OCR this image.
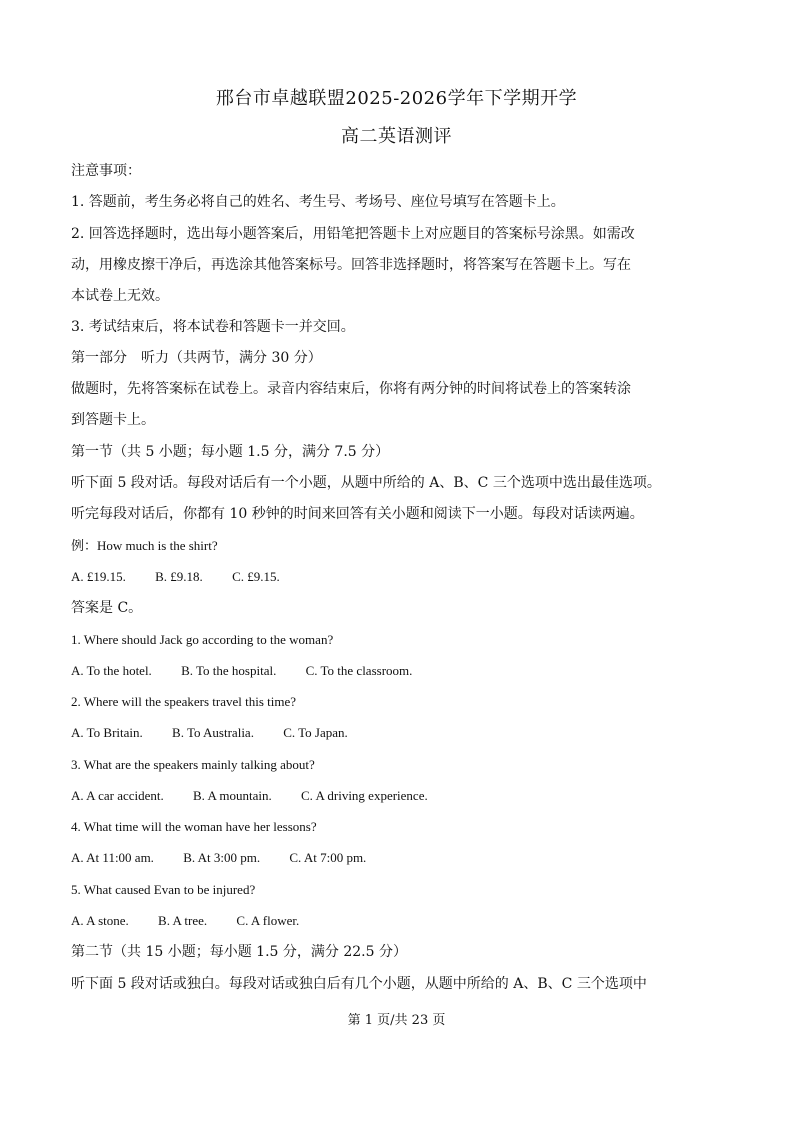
邢台市卓越联盟2025-2026学年下学期开学
高二英语测评
注意事项：
1. 答题前，考生务必将自己的姓名、考生号、考场号、座位号填写在答题卡上。
2. 回答选择题时，选出每小题答案后，用铅笔把答题卡上对应题目的答案标号涂黑。如需改
动，用橡皮擦干净后，再选涂其他答案标号。回答非选择题时，将答案写在答题卡上。写在
本试卷上无效。
3. 考试结束后，将本试卷和答题卡一并交回。
第一部分　听力（共两节，满分 30 分）
做题时，先将答案标在试卷上。录音内容结束后，你将有两分钟的时间将试卷上的答案转涂
到答题卡上。
第一节（共 5 小题；每小题 1.5 分，满分 7.5 分）
听下面 5 段对话。每段对话后有一个小题，从题中所给的 A、B、C 三个选项中选出最佳选项。
听完每段对话后，你都有 10 秒钟的时间来回答有关小题和阅读下一小题。每段对话读两遍。
例：How much is the shirt?
A. £19.15. B. £9.18. C. £9.15.
答案是 C。
1. Where should Jack go according to the woman?
A. To the hotel. B. To the hospital. C. To the classroom.
2. Where will the speakers travel this time?
A. To Britain. B. To Australia. C. To Japan.
3. What are the speakers mainly talking about?
A. A car accident. B. A mountain. C. A driving experience.
4. What time will the woman have her lessons?
A. At 11:00 am. B. At 3:00 pm. C. At 7:00 pm.
5. What caused Evan to be injured?
A. A stone. B. A tree. C. A flower.
第二节（共 15 小题；每小题 1.5 分，满分 22.5 分）
听下面 5 段对话或独白。每段对话或独白后有几个小题，从题中所给的 A、B、C 三个选项中
第 1 页/共 23 页
